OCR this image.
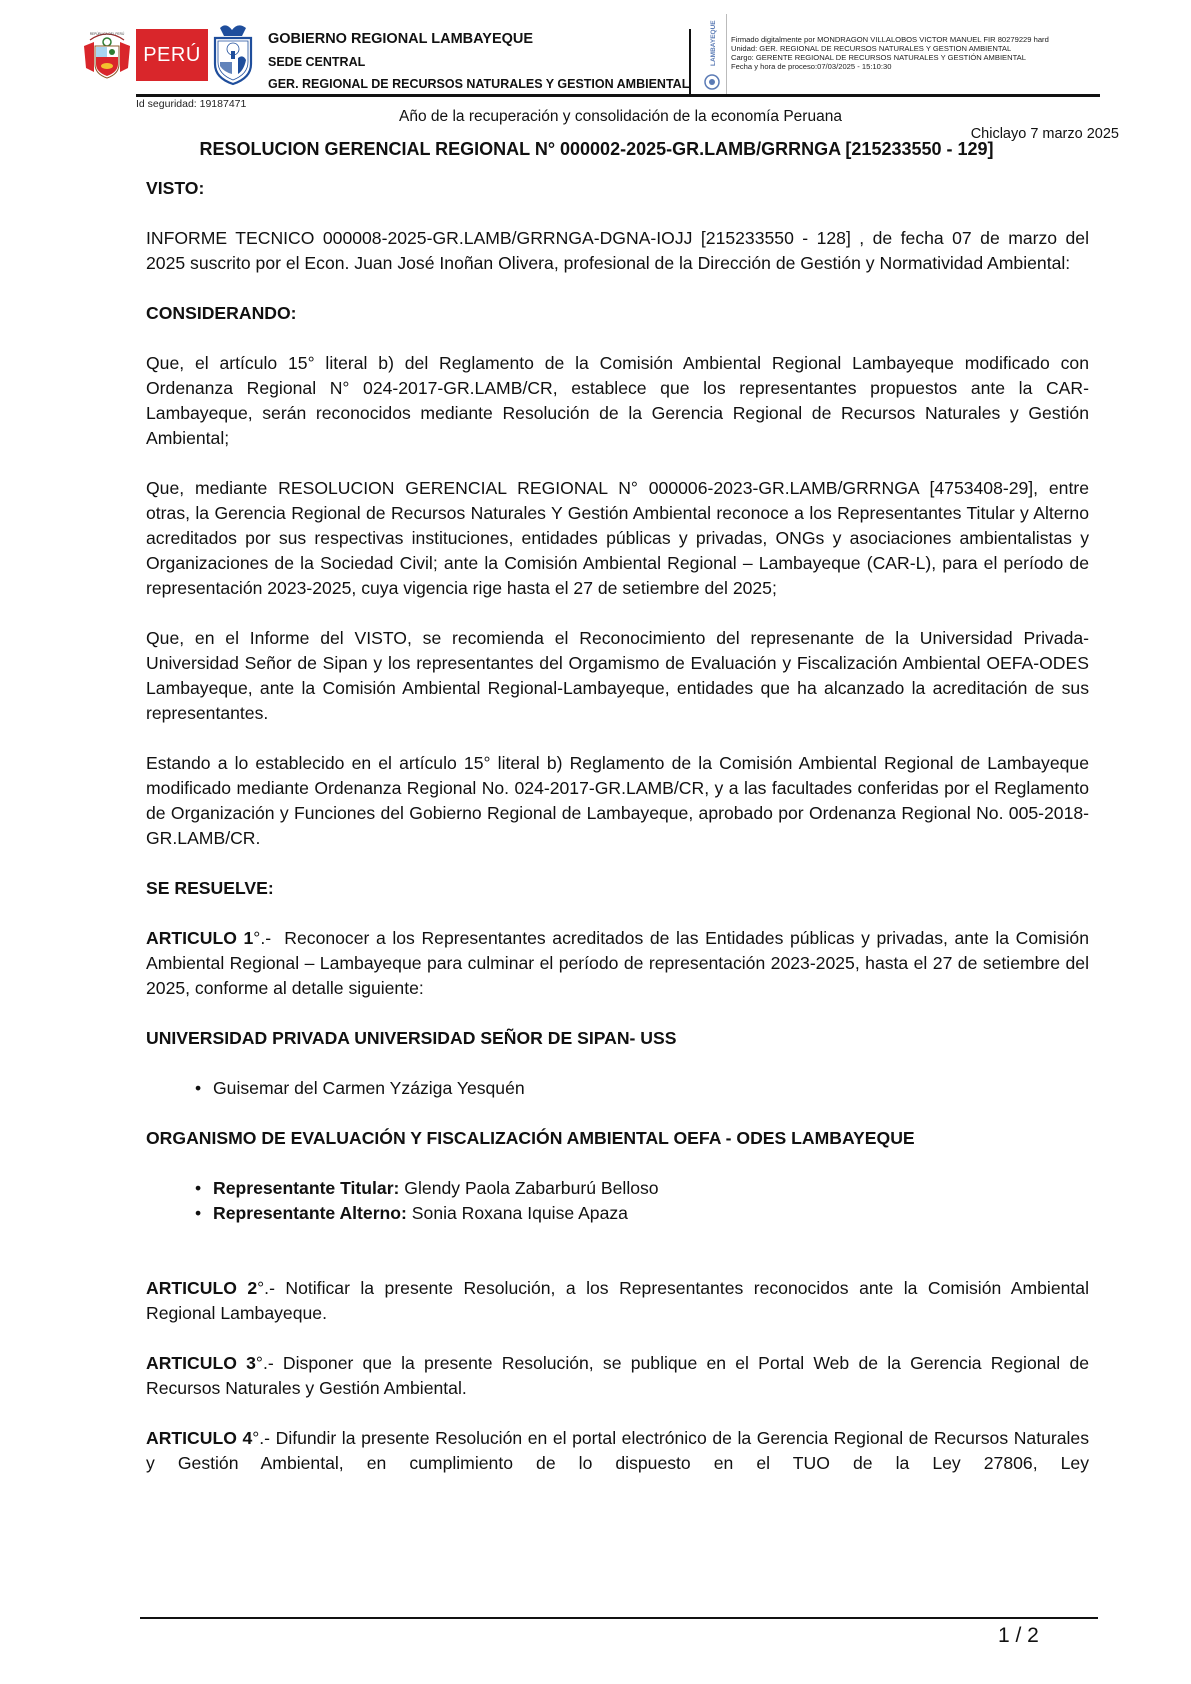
REPÚBLICA DEL PERÚ
PERÚ
GOBIERNO REGIONAL LAMBAYEQUE
SEDE CENTRAL
GER. REGIONAL DE RECURSOS NATURALES Y GESTION AMBIENTAL
LAMBAYEQUE Firmado digitalmente por MONDRAGON VILLALOBOS VICTOR MANUEL FIR 80279229 hard
Unidad: GER. REGIONAL DE RECURSOS NATURALES Y GESTION AMBIENTAL
Cargo: GERENTE REGIONAL DE RECURSOS NATURALES Y GESTIÓN AMBIENTAL
Fecha y hora de proceso:07/03/2025 - 15:10:30
Id seguridad: 19187471
Año de la recuperación y consolidación de la economía Peruana
Chiclayo 7 marzo 2025
RESOLUCION GERENCIAL REGIONAL N° 000002-2025-GR.LAMB/GRRNGA [215233550 - 129]

VISTO:

INFORME TECNICO 000008-2025-GR.LAMB/GRRNGA-DGNA-IOJJ [215233550 - 128] , de fecha 07 de marzo del 2025 suscrito por el Econ. Juan José Inoñan Olivera, profesional de la Dirección de Gestión y Normatividad Ambiental:

CONSIDERANDO:

Que, el artículo 15° literal b) del Reglamento de la Comisión Ambiental Regional Lambayeque modificado con Ordenanza Regional N° 024-2017-GR.LAMB/CR, establece que los representantes propuestos ante la CAR-Lambayeque, serán reconocidos mediante Resolución de la Gerencia Regional de Recursos Naturales y Gestión Ambiental;

Que, mediante RESOLUCION GERENCIAL REGIONAL N° 000006-2023-GR.LAMB/GRRNGA [4753408-29], entre otras, la Gerencia Regional de Recursos Naturales Y Gestión Ambiental reconoce a los Representantes Titular y Alterno acreditados por sus respectivas instituciones, entidades públicas y privadas, ONGs y asociaciones ambientalistas y Organizaciones de la Sociedad Civil; ante la Comisión Ambiental Regional – Lambayeque (CAR-L), para el período de representación 2023-2025, cuya vigencia rige hasta el 27 de setiembre del 2025;

Que, en el Informe del VISTO, se recomienda el Reconocimiento del represenante de la Universidad Privada-Universidad Señor de Sipan y los representantes del Orgamismo de Evaluación y Fiscalización Ambiental OEFA-ODES Lambayeque, ante la Comisión Ambiental Regional-Lambayeque, entidades que ha alcanzado la acreditación de sus representantes.

Estando a lo establecido en el artículo 15° literal b) Reglamento de la Comisión Ambiental Regional de Lambayeque modificado mediante Ordenanza Regional No. 024-2017-GR.LAMB/CR, y a las facultades conferidas por el Reglamento de Organización y Funciones del Gobierno Regional de Lambayeque, aprobado por Ordenanza Regional No. 005-2018-GR.LAMB/CR.

SE RESUELVE:

ARTICULO 1°.-  Reconocer a los Representantes acreditados de las Entidades públicas y privadas, ante la Comisión Ambiental Regional – Lambayeque para culminar el período de representación 2023-2025, hasta el 27 de setiembre del 2025, conforme al detalle siguiente:

UNIVERSIDAD PRIVADA UNIVERSIDAD SEÑOR DE SIPAN- USS

• Guisemar del Carmen Yzáziga Yesquén

ORGANISMO DE EVALUACIÓN Y FISCALIZACIÓN AMBIENTAL OEFA - ODES LAMBAYEQUE

• Representante Titular: Glendy Paola Zabarburú Belloso
• Representante Alterno: Sonia Roxana Iquise Apaza

ARTICULO 2°.- Notificar la presente Resolución, a los Representantes reconocidos ante la Comisión Ambiental Regional Lambayeque.

ARTICULO 3°.- Disponer que la presente Resolución, se publique en el Portal Web de la Gerencia Regional de Recursos Naturales y Gestión Ambiental.

ARTICULO 4°.- Difundir la presente Resolución en el portal electrónico de la Gerencia Regional de Recursos Naturales y Gestión Ambiental, en cumplimiento de lo dispuesto en el TUO de la Ley 27806, Ley

1 / 2
